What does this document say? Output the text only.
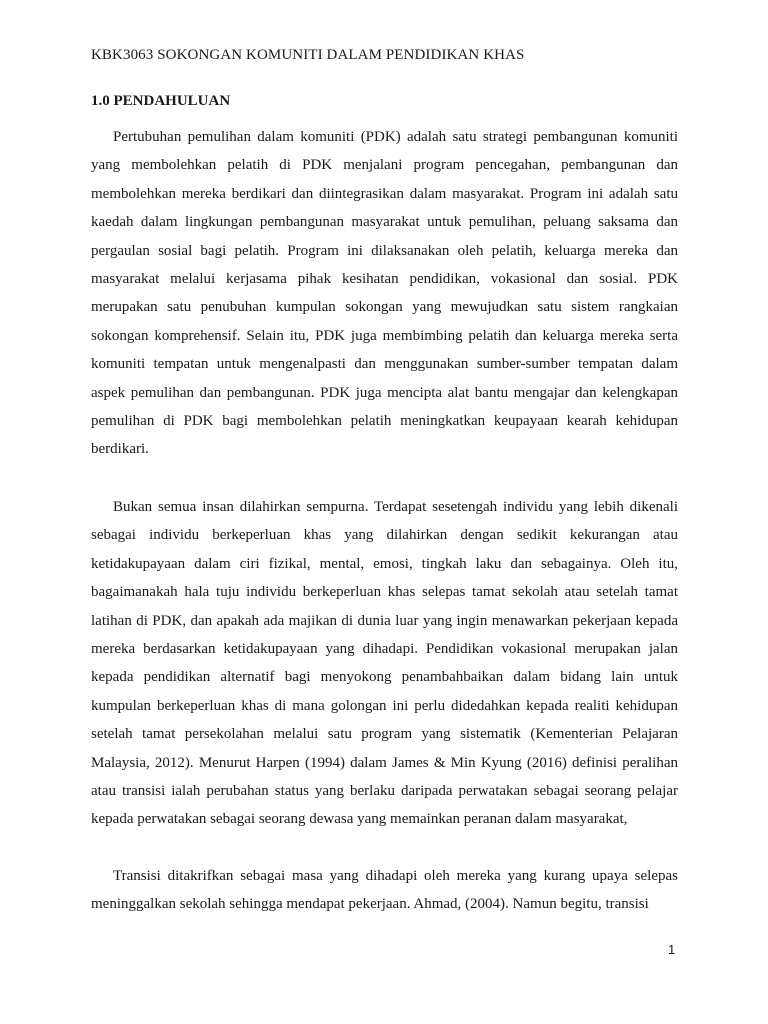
KBK3063 SOKONGAN KOMUNITI DALAM PENDIDIKAN KHAS
1.0 PENDAHULUAN

Pertubuhan pemulihan dalam komuniti (PDK) adalah satu strategi pembangunan komuniti yang membolehkan pelatih di PDK menjalani program pencegahan, pembangunan dan membolehkan mereka berdikari dan diintegrasikan dalam masyarakat. Program ini adalah satu kaedah dalam lingkungan pembangunan masyarakat untuk pemulihan, peluang saksama dan pergaulan sosial bagi pelatih. Program ini dilaksanakan oleh pelatih, keluarga mereka dan masyarakat melalui kerjasama pihak kesihatan pendidikan, vokasional dan sosial. PDK merupakan satu penubuhan kumpulan sokongan yang mewujudkan satu sistem rangkaian sokongan komprehensif. Selain itu, PDK juga membimbing pelatih dan keluarga mereka serta komuniti tempatan untuk mengenalpasti dan menggunakan sumber-sumber tempatan dalam aspek pemulihan dan pembangunan. PDK juga mencipta alat bantu mengajar dan kelengkapan pemulihan di PDK bagi membolehkan pelatih meningkatkan keupayaan kearah kehidupan berdikari.

Bukan semua insan dilahirkan sempurna. Terdapat sesetengah individu yang lebih dikenali sebagai individu berkeperluan khas yang dilahirkan dengan sedikit kekurangan atau ketidakupayaan dalam ciri fizikal, mental, emosi, tingkah laku dan sebagainya. Oleh itu, bagaimanakah hala tuju individu berkeperluan khas selepas tamat sekolah atau setelah tamat latihan di PDK, dan apakah ada majikan di dunia luar yang ingin menawarkan pekerjaan kepada mereka berdasarkan ketidakupayaan yang dihadapi. Pendidikan vokasional merupakan jalan kepada pendidikan alternatif bagi menyokong penambahbaikan dalam bidang lain untuk kumpulan berkeperluan khas di mana golongan ini perlu didedahkan kepada realiti kehidupan setelah tamat persekolahan melalui satu program yang sistematik (Kementerian Pelajaran Malaysia, 2012). Menurut Harpen (1994) dalam James & Min Kyung (2016) definisi peralihan atau transisi ialah perubahan status yang berlaku daripada perwatakan sebagai seorang pelajar kepada perwatakan sebagai seorang dewasa yang memainkan peranan dalam masyarakat,

Transisi ditakrifkan sebagai masa yang dihadapi oleh mereka yang kurang upaya selepas meninggalkan sekolah sehingga mendapat pekerjaan. Ahmad, (2004). Namun begitu, transisi

1
